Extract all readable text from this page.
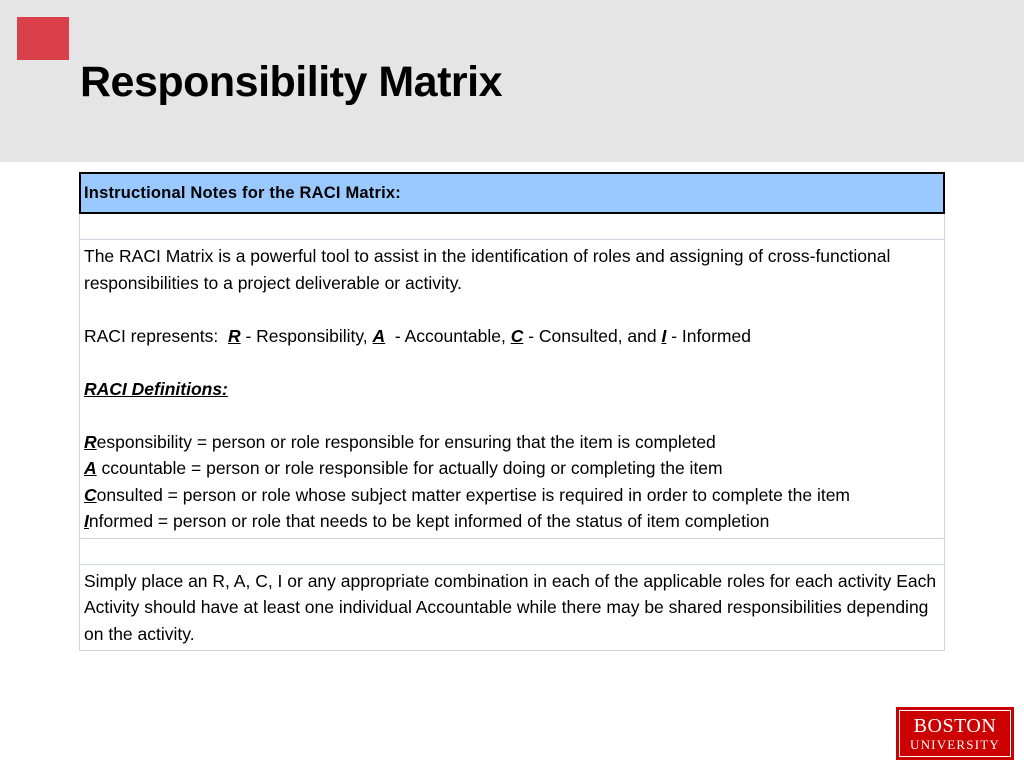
Responsibility Matrix
Instructional Notes for the RACI Matrix:

The RACI Matrix is a powerful tool to assist in the identification of roles and assigning of cross-functional responsibilities to a project deliverable or activity.

RACI represents:  R - Responsibility, A  - Accountable, C - Consulted, and I - Informed

RACI Definitions:

Responsibility = person or role responsible for ensuring that the item is completed

A ccountable = person or role responsible for actually doing or completing the item

Consulted = person or role whose subject matter expertise is required in order to complete the item

Informed = person or role that needs to be kept informed of the status of item completion

Simply place an R, A, C, I or any appropriate combination in each of the applicable roles for each activity Each Activity should have at least one individual Accountable while there may be shared responsibilities depending on the activity.

BOSTON
UNIVERSITY
